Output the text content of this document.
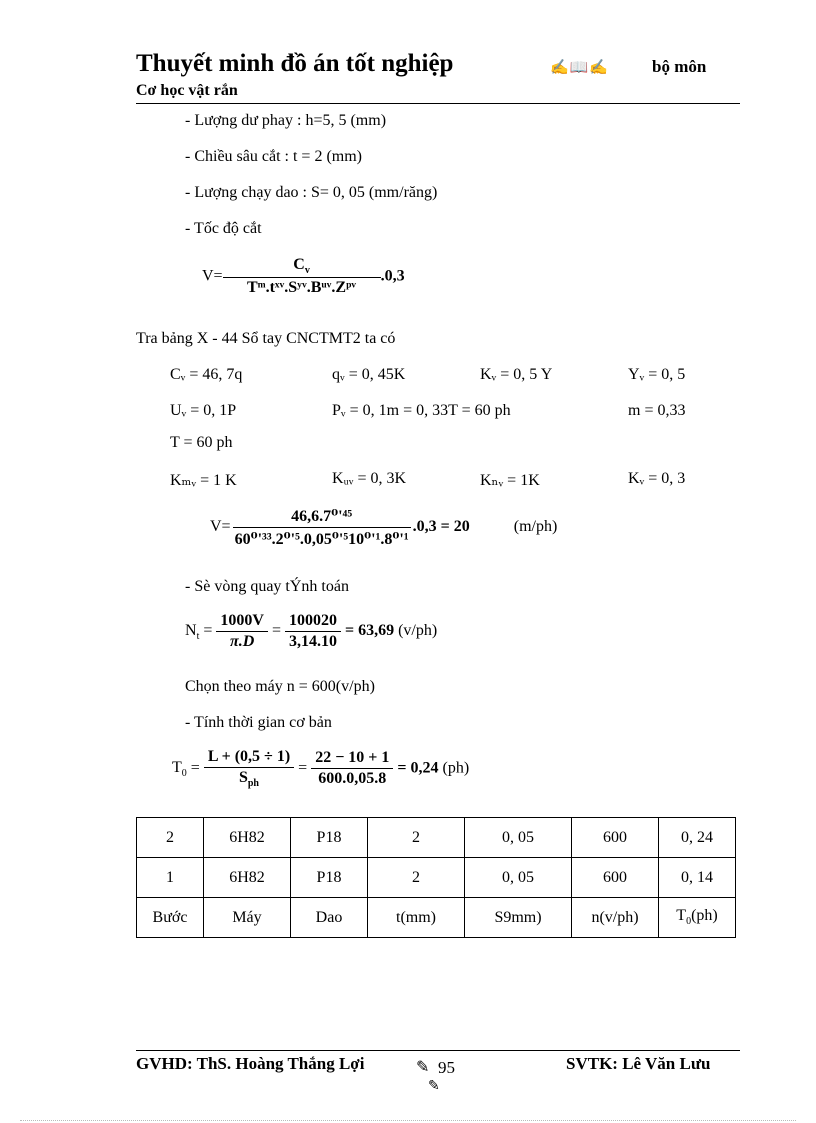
Thuyết minh đồ án tốt nghiệp	✍📖✍	bộ môn
Cơ học vật rắn
- Lượng dư phay : h=5, 5 (mm)
- Chiều sâu cắt : t = 2 (mm)
- Lượng chạy dao : S= 0, 05 (mm/răng)
- Tốc độ cắt
$V= \frac{C_v}{\text{Tᵐ.tˣᵛ.Sʸᵛ.Bᵘᵛ.Zᵖᵛ}} .0,3$
Tra bảng X - 44 Sổ tay CNCTMT2 ta có
Cᵥ = 46, 7q	qᵥ = 0, 45K	Kᵥ = 0, 5 Y	Yᵥ = 0, 5
Uᵥ = 0, 1P	Pᵥ = 0, 1m = 0, 33T = 60 ph	m = 0,33
T = 60 ph
Kₘᵥ = 1 K	Kᵤᵥ = 0, 3K	Kₙᵥ = 1K	Kᵥ = 0, 3
$V= \frac{\text{46,6.7⁰'⁴⁵}}{\text{60⁰'³³.2⁰'⁵.0,05⁰'⁵10⁰'¹.8⁰'¹}} .0,3 = 20$	(m/ph)
- Sè vòng quay tÝnh toán
$N_t = \frac{1000V}{\pi.D} = \frac{100020}{3,14.10} = 63,69$ (v/ph)
Chọn theo máy n = 600(v/ph)
- Tính thời gian cơ bản
$T_0 = \frac{L + (0,5 \div 1)}{S_{ph}} = \frac{22 - 10 + 1}{600.0,05.8} = 0,24$ (ph)
2	6H82	P18	2	0, 05	600	0, 24
1	6H82	P18	2	0, 05	600	0, 14
Bước	Máy	Dao	t(mm)	S9mm)	n(v/ph)	$T_0(ph)$
GVHD: ThS. Hoàng Thắng Lợi	✎ 95
✎
SVTK: Lê Văn Lưu
